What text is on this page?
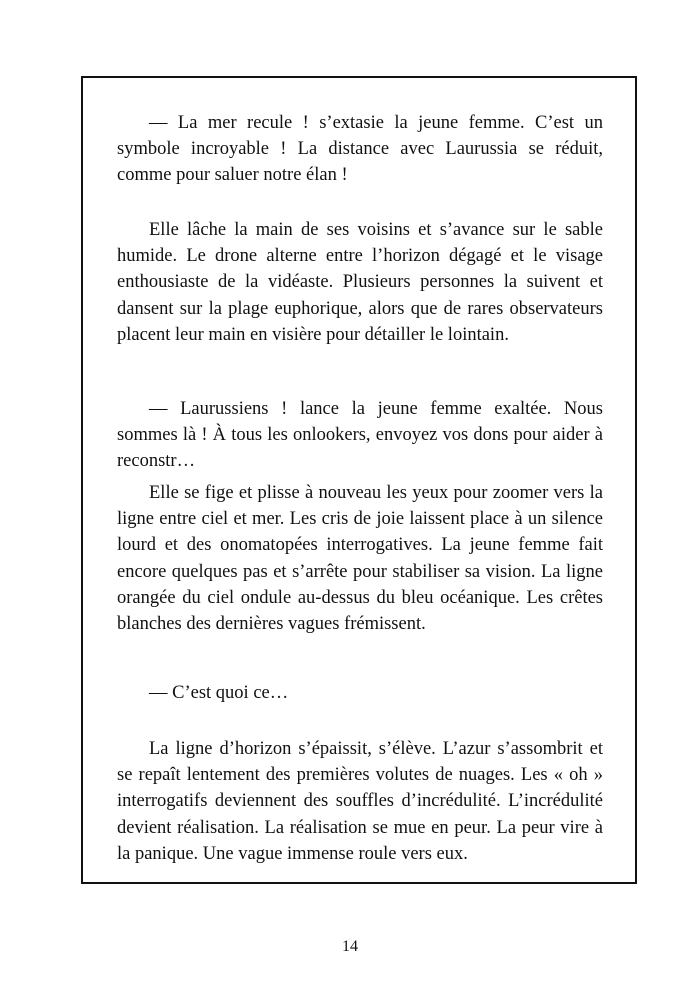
— La mer recule ! s’extasie la jeune femme. C’est un symbole incroyable ! La distance avec Laurussia se réduit, comme pour saluer notre élan !

Elle lâche la main de ses voisins et s’avance sur le sable humide. Le drone alterne entre l’horizon dégagé et le visage enthousiaste de la vidéaste. Plusieurs personnes la suivent et dansent sur la plage euphorique, alors que de rares observateurs placent leur main en visière pour détailler le lointain.

— Laurussiens ! lance la jeune femme exaltée. Nous sommes là ! À tous les onlookers, envoyez vos dons pour aider à reconstr…

Elle se fige et plisse à nouveau les yeux pour zoomer vers la ligne entre ciel et mer. Les cris de joie laissent place à un silence lourd et des onomatopées interrogatives. La jeune femme fait encore quelques pas et s’arrête pour stabiliser sa vision. La ligne orangée du ciel ondule au-dessus du bleu océanique. Les crêtes blanches des dernières vagues frémissent.

— C’est quoi ce…

La ligne d’horizon s’épaissit, s’élève. L’azur s’assombrit et se repaît lentement des premières volutes de nuages. Les « oh » interrogatifs deviennent des souffles d’incrédulité. L’incrédulité devient réalisation. La réalisation se mue en peur. La peur vire à la panique. Une vague immense roule vers eux.

14
